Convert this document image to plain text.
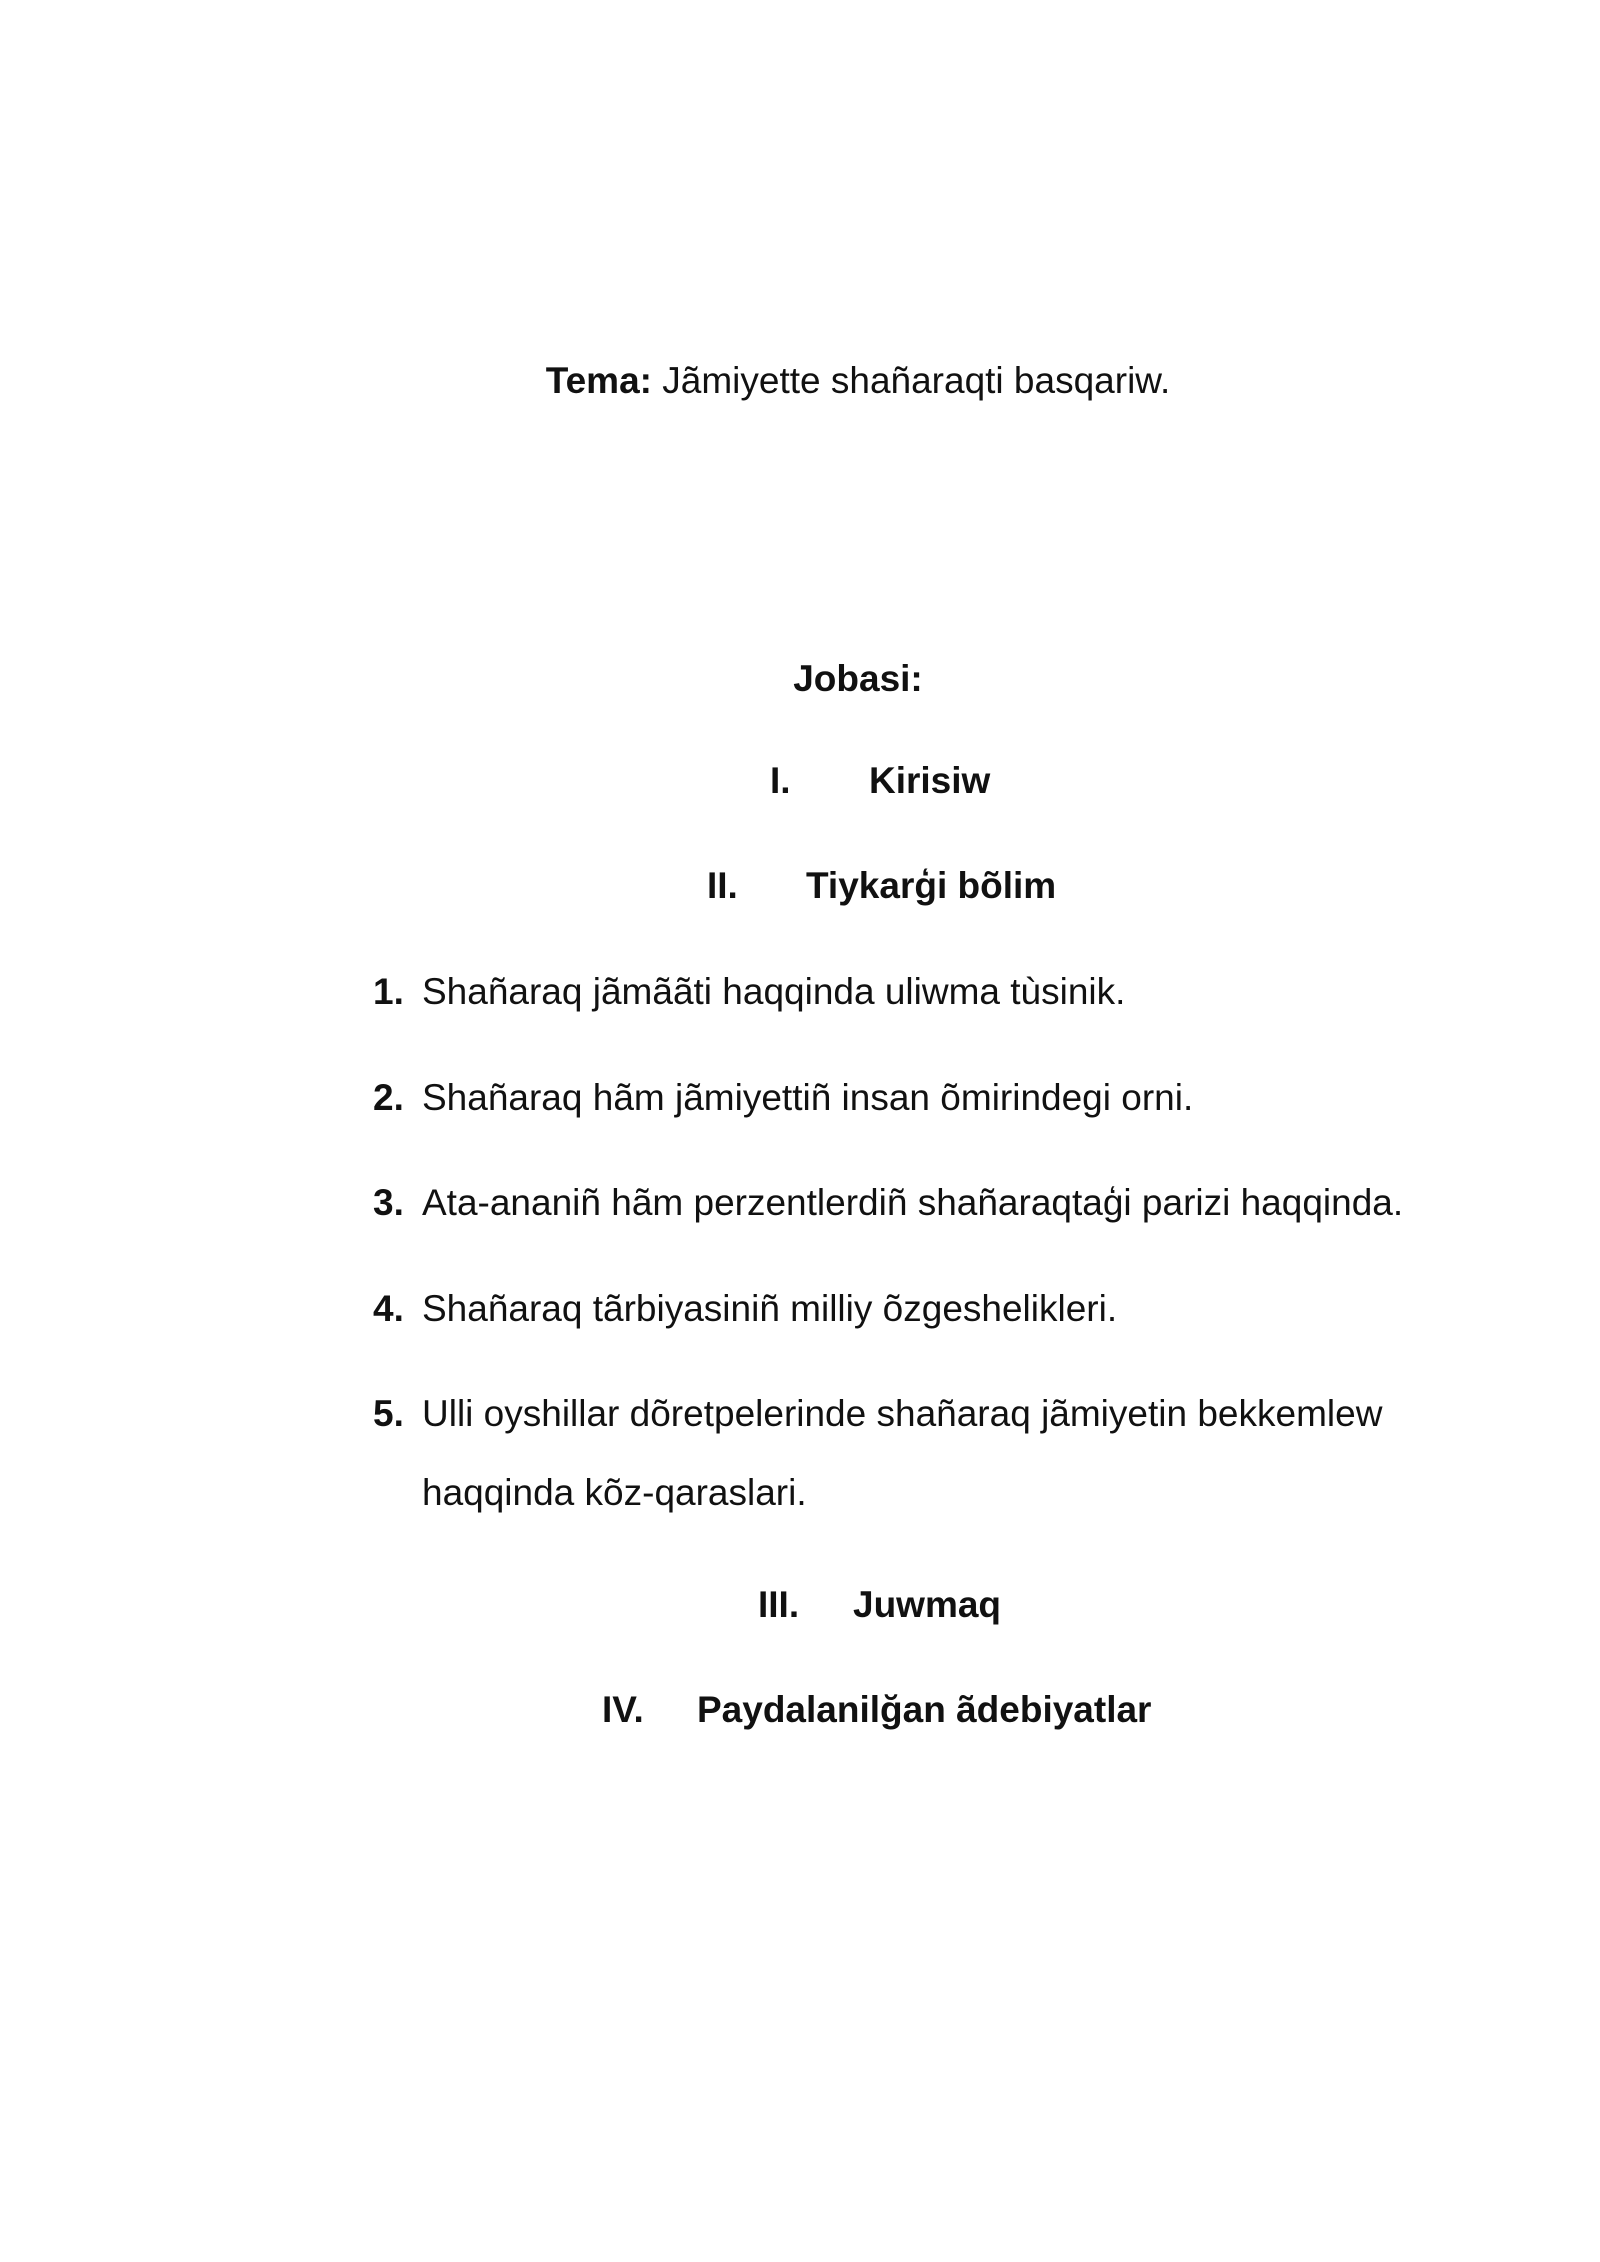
Tema: Jãmiyette shañaraqti basqariw.
Jobasi:
I.	Kirisiw
II.	Tiykarģi bõlim
1. Shañaraq jãmããti haqqinda uliwma tùsinik.
2. Shañaraq hãm jãmiyettiñ insan õmirindegi orni.
3. Ata-ananiñ hãm perzentlerdiñ shañaraqtaģi parizi haqqinda.
4. Shañaraq tãrbiyasiniñ milliy õzgeshelikleri.
5. Ulli oyshillar dõretpelerinde shañaraq jãmiyetin bekkemlew
haqqinda kõz-qaraslari.
III.	Juwmaq
IV.	Paydalanilğan ãdebiyatlar
